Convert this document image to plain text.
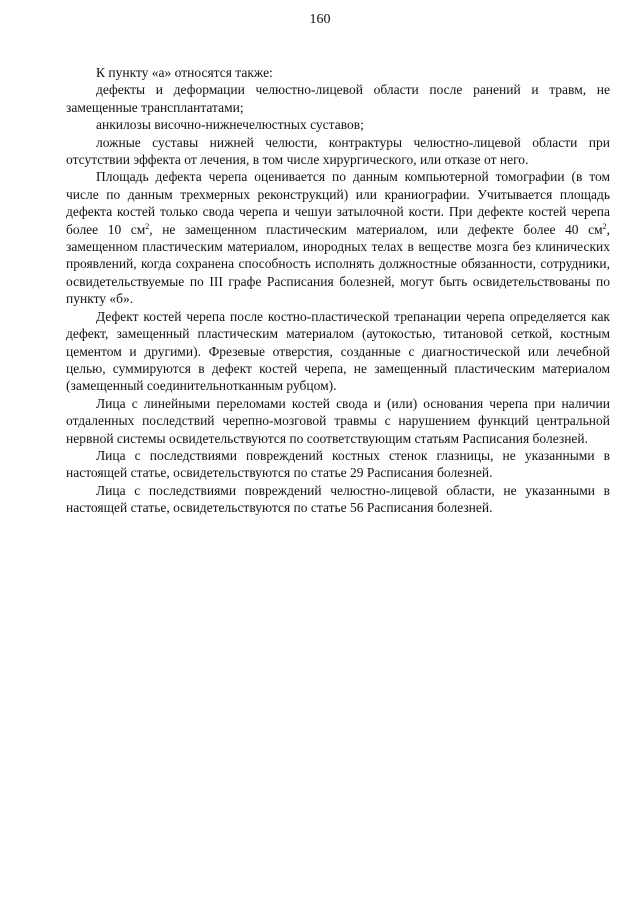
160

К пункту «а» относятся также:

дефекты и деформации челюстно-лицевой области после ранений и травм, не замещенные трансплантатами;

анкилозы височно-нижнечелюстных суставов;

ложные суставы нижней челюсти, контрактуры челюстно-лицевой области при отсутствии эффекта от лечения, в том числе хирургического, или отказе от него.

Площадь дефекта черепа оценивается по данным компьютерной томографии (в том числе по данным трехмерных реконструкций) или краниографии. Учитывается площадь дефекта костей только свода черепа и чешуи затылочной кости. При дефекте костей черепа более 10 $см^2$, не замещенном пластическим материалом, или дефекте более 40 $см^2$, замещенном пластическим материалом, инородных телах в веществе мозга без клинических проявлений, когда сохранена способность исполнять должностные обязанности, сотрудники, освидетельствуемые по III графе Расписания болезней, могут быть освидетельствованы по пункту «б».

Дефект костей черепа после костно-пластической трепанации черепа определяется как дефект, замещенный пластическим материалом (аутокостью, титановой сеткой, костным цементом и другими). Фрезевые отверстия, созданные с диагностической или лечебной целью, суммируются в дефект костей черепа, не замещенный пластическим материалом (замещенный соединительнотканным рубцом).

Лица с линейными переломами костей свода и (или) основания черепа при наличии отдаленных последствий черепно-мозговой травмы с нарушением функций центральной нервной системы освидетельствуются по соответствующим статьям Расписания болезней.

Лица с последствиями повреждений костных стенок глазницы, не указанными в настоящей статье, освидетельствуются по статье 29 Расписания болезней.

Лица с последствиями повреждений челюстно-лицевой области, не указанными в настоящей статье, освидетельствуются по статье 56 Расписания болезней.
